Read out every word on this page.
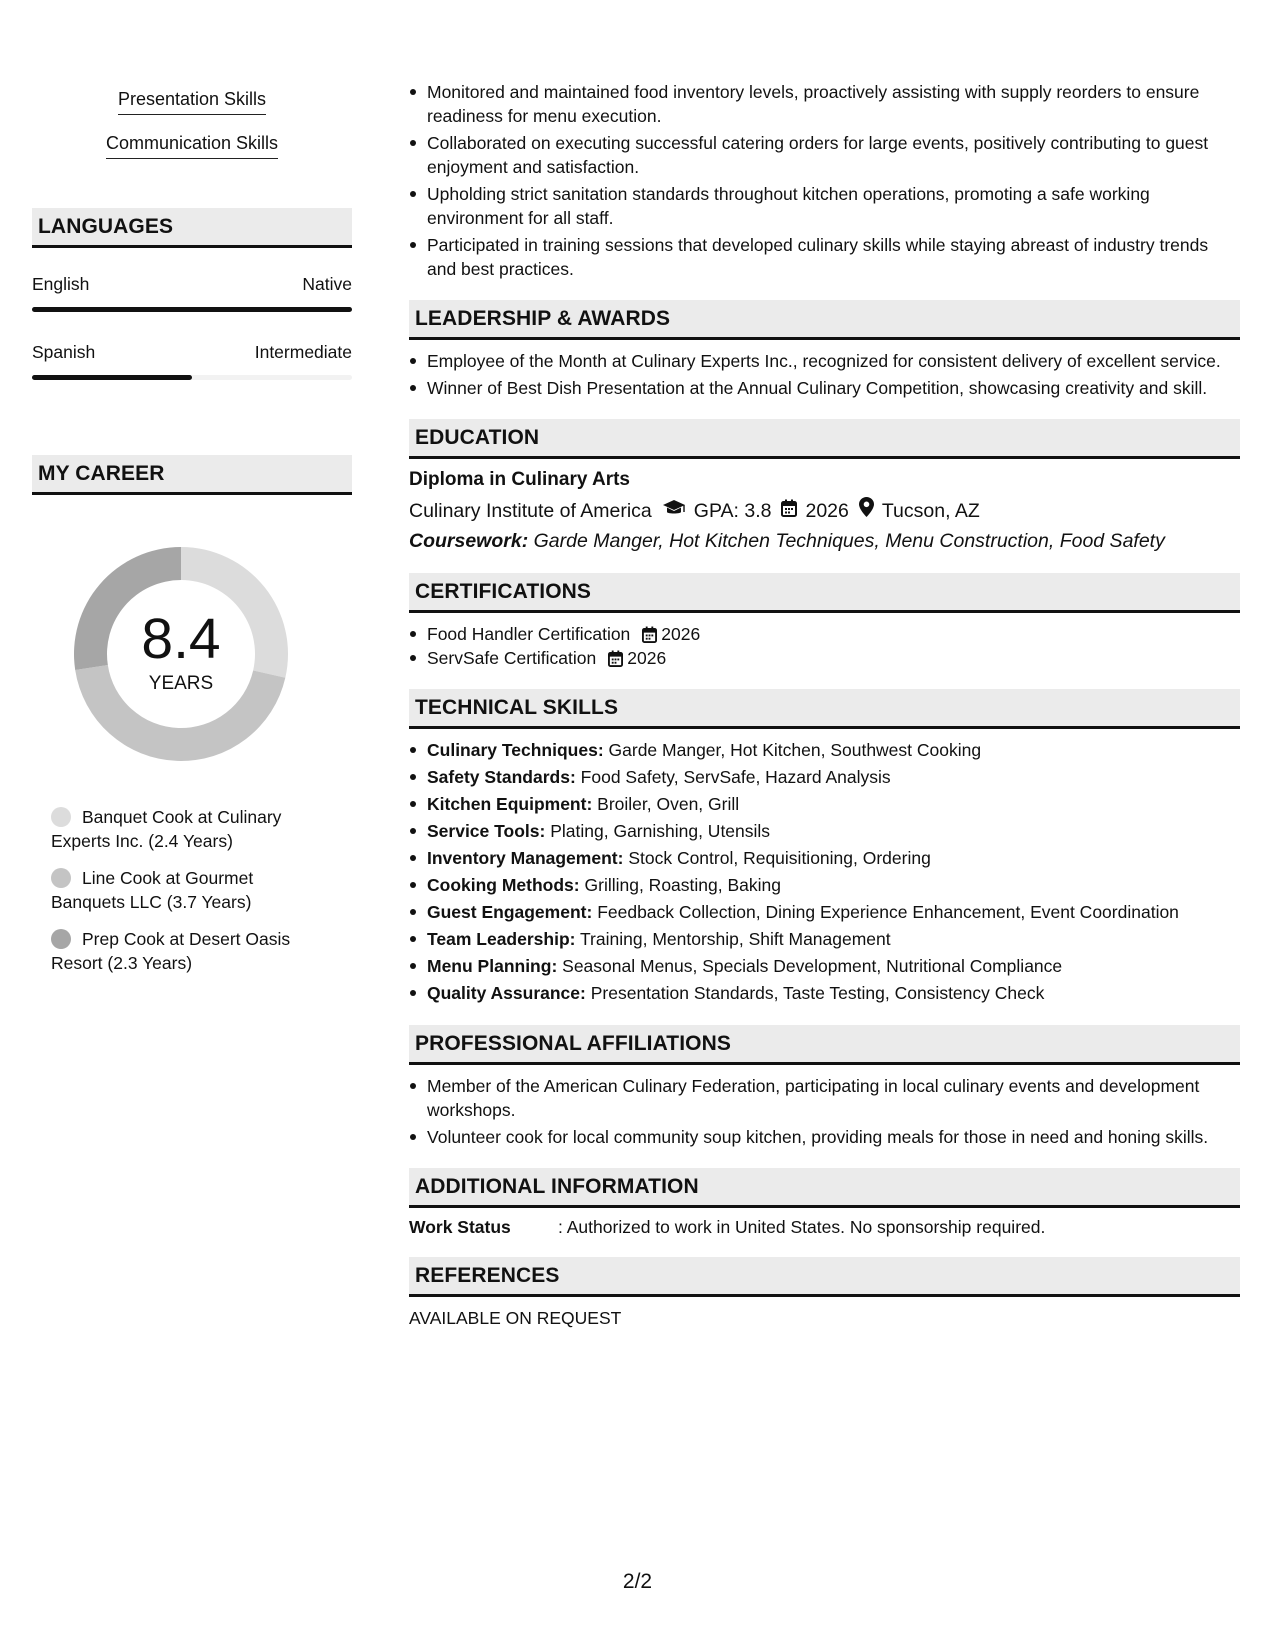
Presentation Skills
Communication Skills
LANGUAGES
English	Native
Spanish	Intermediate
MY CAREER
8.4
YEARS
Banquet Cook at Culinary Experts Inc. (2.4 Years)
Line Cook at Gourmet Banquets LLC (3.7 Years)
Prep Cook at Desert Oasis Resort (2.3 Years)
Monitored and maintained food inventory levels, proactively assisting with supply reorders to ensure readiness for menu execution.
Collaborated on executing successful catering orders for large events, positively contributing to guest enjoyment and satisfaction.
Upholding strict sanitation standards throughout kitchen operations, promoting a safe working environment for all staff.
Participated in training sessions that developed culinary skills while staying abreast of industry trends and best practices.
LEADERSHIP & AWARDS
Employee of the Month at Culinary Experts Inc., recognized for consistent delivery of excellent service.
Winner of Best Dish Presentation at the Annual Culinary Competition, showcasing creativity and skill.
EDUCATION
Diploma in Culinary Arts
Culinary Institute of America GPA: 3.8 2026 Tucson, AZ
Coursework: Garde Manger, Hot Kitchen Techniques, Menu Construction, Food Safety
CERTIFICATIONS
Food Handler Certification 2026
ServSafe Certification 2026
TECHNICAL SKILLS
Culinary Techniques: Garde Manger, Hot Kitchen, Southwest Cooking
Safety Standards: Food Safety, ServSafe, Hazard Analysis
Kitchen Equipment: Broiler, Oven, Grill
Service Tools: Plating, Garnishing, Utensils
Inventory Management: Stock Control, Requisitioning, Ordering
Cooking Methods: Grilling, Roasting, Baking
Guest Engagement: Feedback Collection, Dining Experience Enhancement, Event Coordination
Team Leadership: Training, Mentorship, Shift Management
Menu Planning: Seasonal Menus, Specials Development, Nutritional Compliance
Quality Assurance: Presentation Standards, Taste Testing, Consistency Check
PROFESSIONAL AFFILIATIONS
Member of the American Culinary Federation, participating in local culinary events and development workshops.
Volunteer cook for local community soup kitchen, providing meals for those in need and honing skills.
ADDITIONAL INFORMATION
Work Status	: Authorized to work in United States. No sponsorship required.
REFERENCES
AVAILABLE ON REQUEST
2/2
